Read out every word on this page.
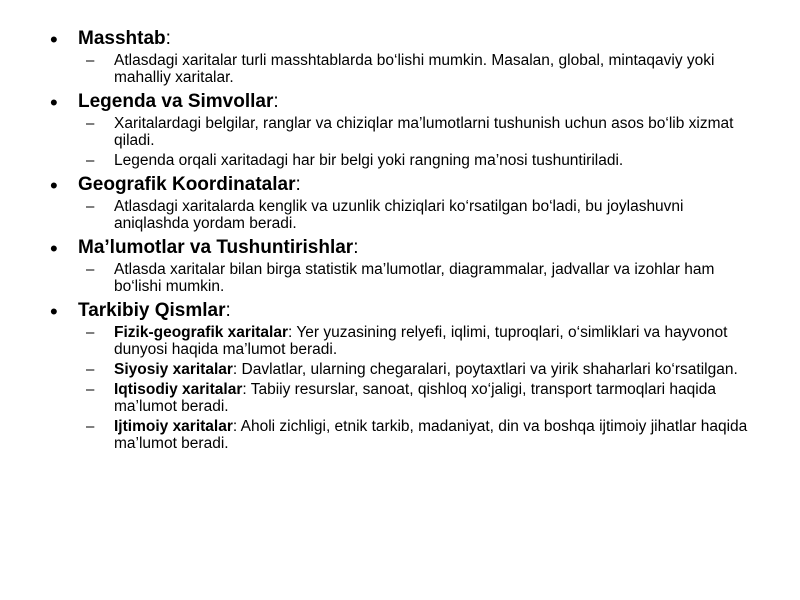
• Masshtab:
– Atlasdagi xaritalar turli masshtablarda bo‘lishi mumkin. Masalan, global, mintaqaviy yoki mahalliy xaritalar.
• Legenda va Simvollar:
– Xaritalardagi belgilar, ranglar va chiziqlar ma’lumotlarni tushunish uchun asos bo‘lib xizmat qiladi.
– Legenda orqali xaritadagi har bir belgi yoki rangning ma’nosi tushuntiriladi.
• Geografik Koordinatalar:
– Atlasdagi xaritalarda kenglik va uzunlik chiziqlari ko‘rsatilgan bo‘ladi, bu joylashuvni aniqlashda yordam beradi.
• Ma’lumotlar va Tushuntirishlar:
– Atlasda xaritalar bilan birga statistik ma’lumotlar, diagrammalar, jadvallar va izohlar ham bo‘lishi mumkin.
• Tarkibiy Qismlar:
– Fizik-geografik xaritalar: Yer yuzasining relyefi, iqlimi, tuproqlari, o‘simliklari va hayvonot dunyosi haqida ma’lumot beradi.
– Siyosiy xaritalar: Davlatlar, ularning chegaralari, poytaxtlari va yirik shaharlari ko‘rsatilgan.
– Iqtisodiy xaritalar: Tabiiy resurslar, sanoat, qishloq xo‘jaligi, transport tarmoqlari haqida ma’lumot beradi.
– Ijtimoiy xaritalar: Aholi zichligi, etnik tarkib, madaniyat, din va boshqa ijtimoiy jihatlar haqida ma’lumot beradi.
